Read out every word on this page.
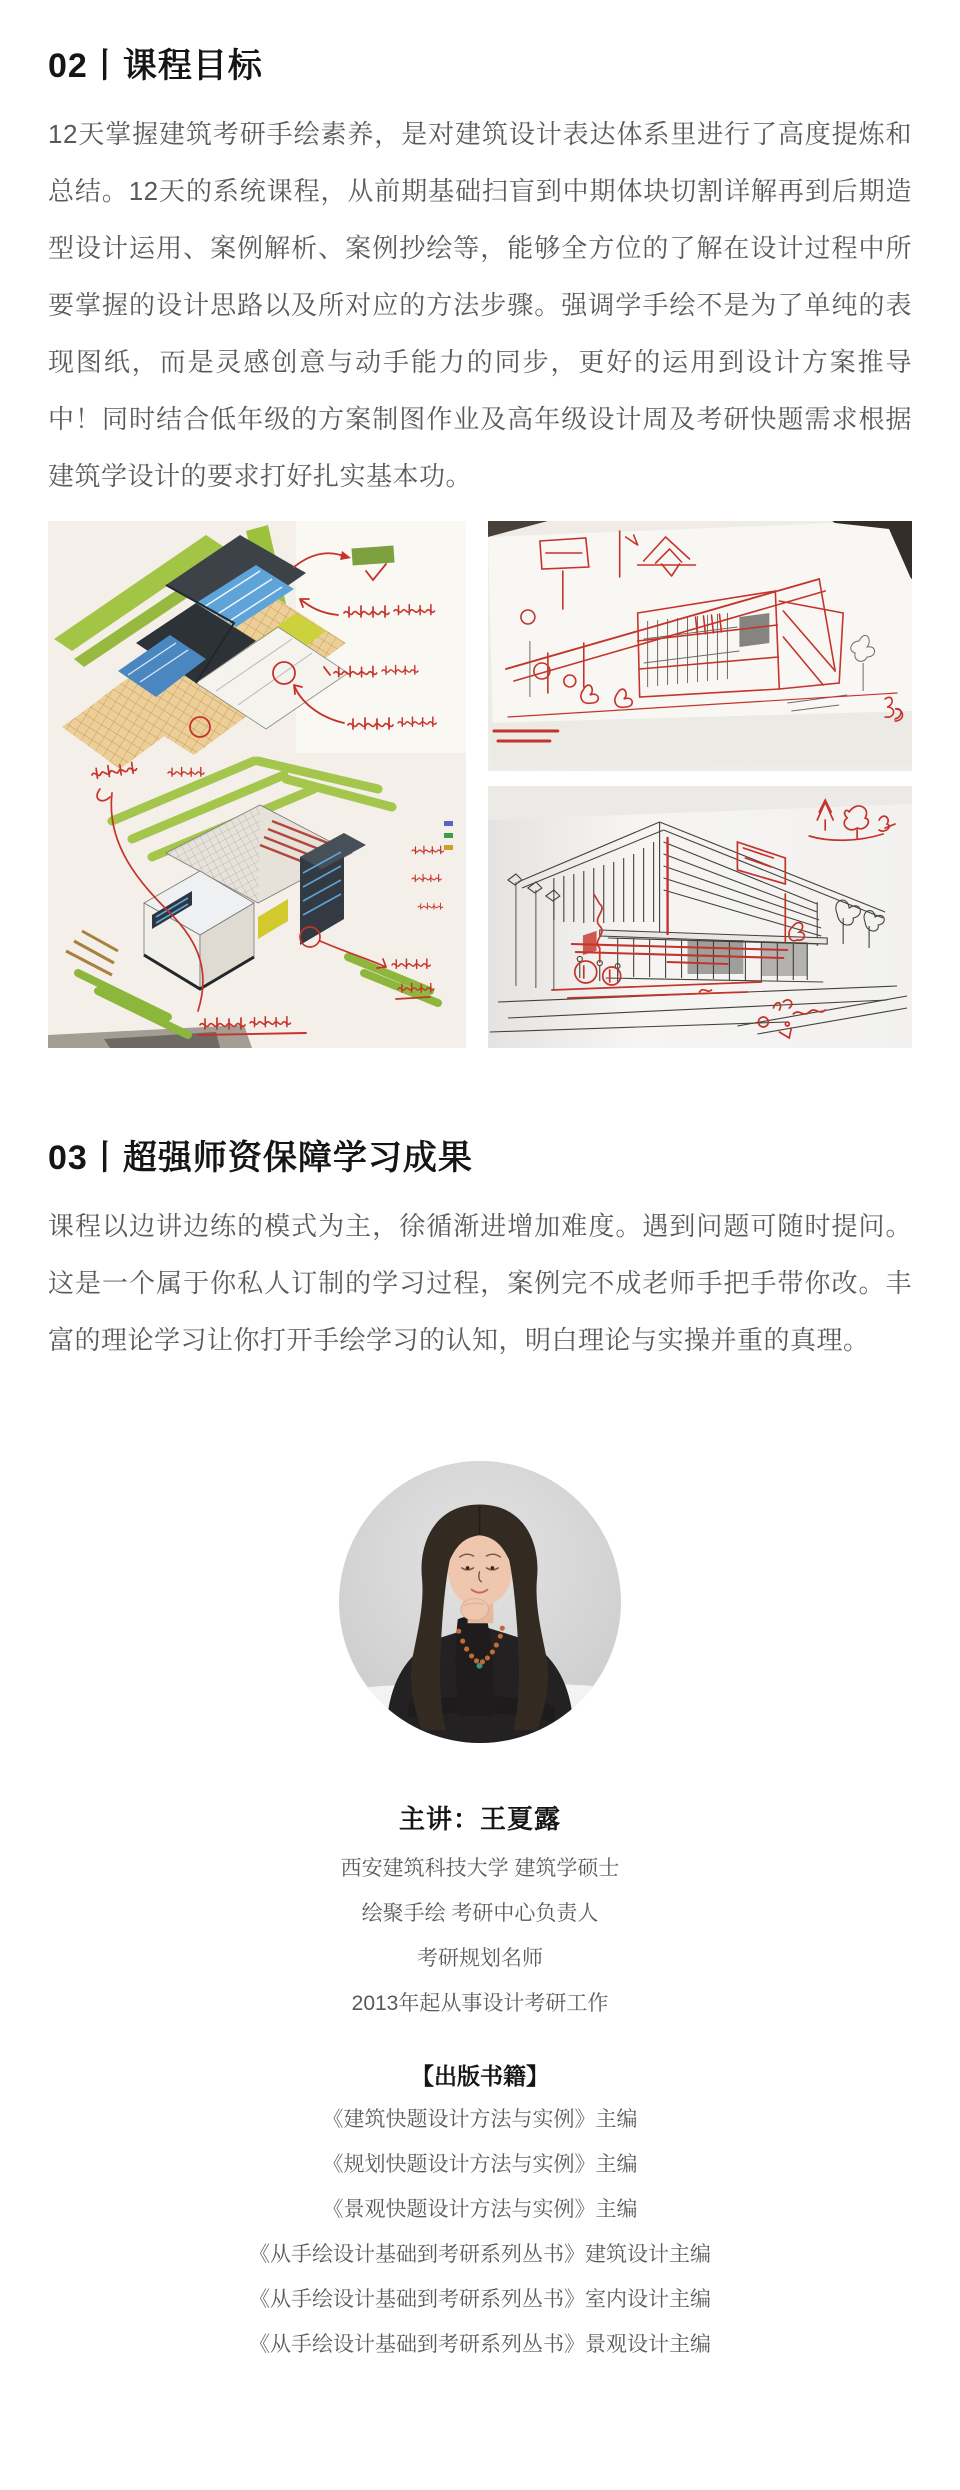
02丨课程目标

12天掌握建筑考研手绘素养，是对建筑设计表达体系里进行了高度提炼和总结。12天的系统课程，从前期基础扫盲到中期体块切割详解再到后期造型设计运用、案例解析、案例抄绘等，能够全方位的了解在设计过程中所要掌握的设计思路以及所对应的方法步骤。强调学手绘不是为了单纯的表现图纸，而是灵感创意与动手能力的同步，更好的运用到设计方案推导中！同时结合低年级的方案制图作业及高年级设计周及考研快题需求根据建筑学设计的要求打好扎实基本功。

03丨超强师资保障学习成果

课程以边讲边练的模式为主，徐循渐进增加难度。遇到问题可随时提问。这是一个属于你私人订制的学习过程，案例完不成老师手把手带你改。丰富的理论学习让你打开手绘学习的认知，明白理论与实操并重的真理。

主讲：王夏露
西安建筑科技大学 建筑学硕士
绘聚手绘 考研中心负责人
考研规划名师
2013年起从事设计考研工作
【出版书籍】
《建筑快题设计方法与实例》主编
《规划快题设计方法与实例》主编
《景观快题设计方法与实例》主编
《从手绘设计基础到考研系列丛书》建筑设计主编
《从手绘设计基础到考研系列丛书》室内设计主编
《从手绘设计基础到考研系列丛书》景观设计主编
